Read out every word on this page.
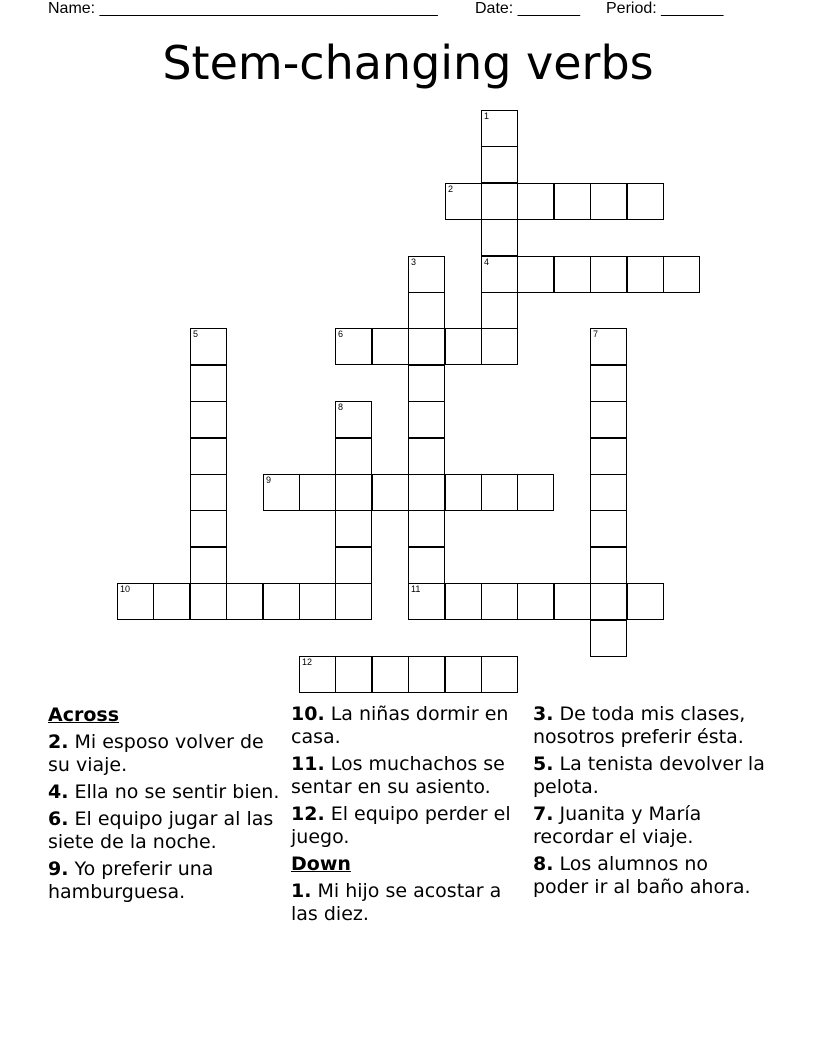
Name: ______________________________________ Date: _______ Period: _______
Stem-changing verbs
1
4
2
3
5	6	7
8
9
10	11
12
Across
2. Mi esposo volver de su viaje.
4. Ella no se sentir bien.
6. El equipo jugar al las siete de la noche.
9. Yo preferir una hamburguesa.
10. La niñas dormir en casa.
11. Los muchachos se sentar en su asiento.
12. El equipo perder el juego.
Down
1. Mi hijo se acostar a las diez.
3. De toda mis clases, nosotros preferir ésta.
5. La tenista devolver la pelota.
7. Juanita y María recordar el viaje.
8. Los alumnos no poder ir al baño ahora.
